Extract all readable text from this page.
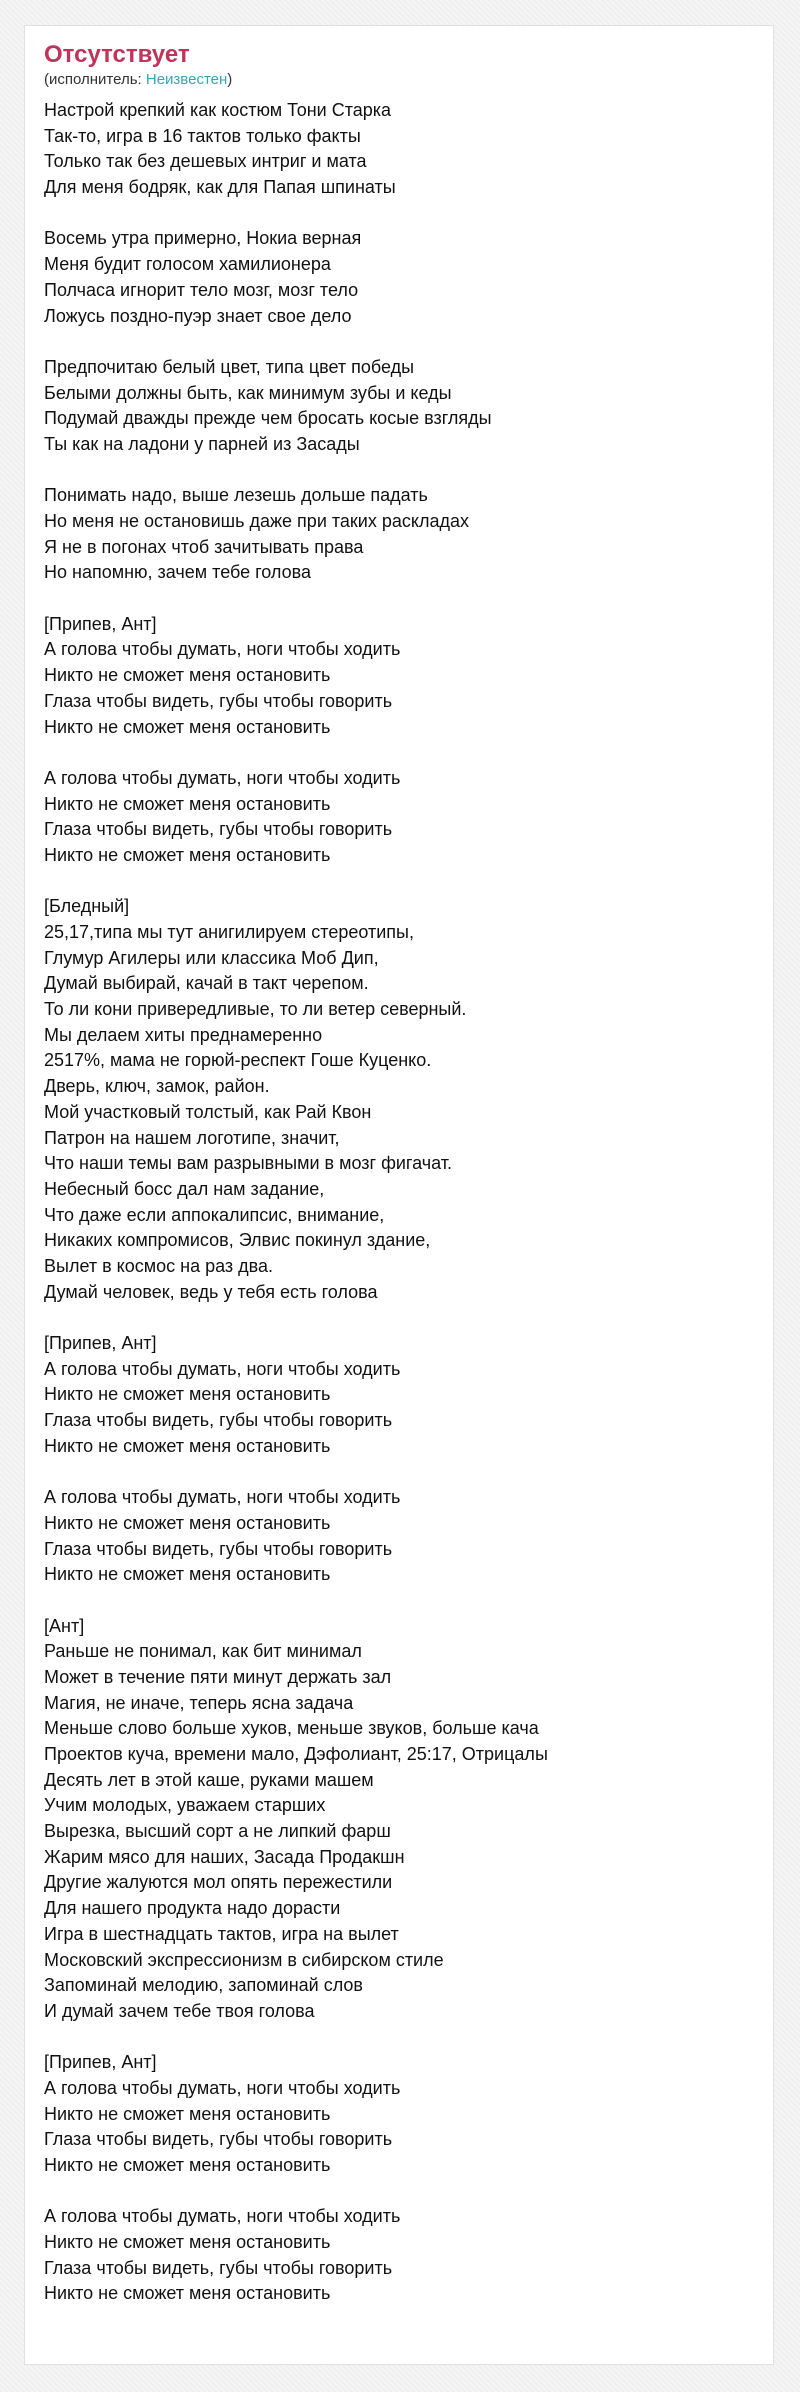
Отсутствует

(исполнитель: Неизвестен)

Настрой крепкий как костюм Тони Старка
Так-то, игра в 16 тактов только факты
Только так без дешевых интриг и мата
Для меня бодряк, как для Папая шпинаты
Восемь утра примерно, Нокиа верная
Меня будит голосом хамилионера
Полчаса игнорит тело мозг, мозг тело
Ложусь поздно-пуэр знает свое дело
Предпочитаю белый цвет, типа цвет победы
Белыми должны быть, как минимум зубы и кеды
Подумай дважды прежде чем бросать косые взгляды
Ты как на ладони у парней из Засады
Понимать надо, выше лезешь дольше падать
Но меня не остановишь даже при таких раскладах
Я не в погонах чтоб зачитывать права
Но напомню, зачем тебе голова
[Припев, Ант]
А голова чтобы думать, ноги чтобы ходить
Никто не сможет меня остановить
Глаза чтобы видеть, губы чтобы говорить
Никто не сможет меня остановить
А голова чтобы думать, ноги чтобы ходить
Никто не сможет меня остановить
Глаза чтобы видеть, губы чтобы говорить
Никто не сможет меня остановить
[Бледный]
25,17,типа мы тут анигилируем стереотипы,
Глумур Агилеры или классика Моб Дип,
Думай выбирай, качай в такт черепом.
То ли кони привередливые, то ли ветер северный.
Мы делаем хиты преднамеренно
2517%, мама не горюй-респект Гоше Куценко.
Дверь, ключ, замок, район.
Мой участковый толстый, как Рай Квон
Патрон на нашем логотипе, значит,
Что наши темы вам разрывными в мозг фигачат.
Небесный босс дал нам задание,
Что даже если аппокалипсис, внимание,
Никаких компромисов, Элвис покинул здание,
Вылет в космос на раз два.
Думай человек, ведь у тебя есть голова
[Припев, Ант]
А голова чтобы думать, ноги чтобы ходить
Никто не сможет меня остановить
Глаза чтобы видеть, губы чтобы говорить
Никто не сможет меня остановить
А голова чтобы думать, ноги чтобы ходить
Никто не сможет меня остановить
Глаза чтобы видеть, губы чтобы говорить
Никто не сможет меня остановить
[Ант]
Раньше не понимал, как бит минимал
Может в течение пяти минут держать зал
Магия, не иначе, теперь ясна задача
Меньше слово больше хуков, меньше звуков, больше кача
Проектов куча, времени мало, Дэфолиант, 25:17, Отрицалы
Десять лет в этой каше, руками машем
Учим молодых, уважаем старших
Вырезка, высший сорт а не липкий фарш
Жарим мясо для наших, Засада Продакшн
Другие жалуются мол опять пережестили
Для нашего продукта надо дорасти
Игра в шестнадцать тактов, игра на вылет
Московский экспрессионизм в сибирском стиле
Запоминай мелодию, запоминай слов
И думай зачем тебе твоя голова
[Припев, Ант]
А голова чтобы думать, ноги чтобы ходить
Никто не сможет меня остановить
Глаза чтобы видеть, губы чтобы говорить
Никто не сможет меня остановить
А голова чтобы думать, ноги чтобы ходить
Никто не сможет меня остановить
Глаза чтобы видеть, губы чтобы говорить
Никто не сможет меня остановить
